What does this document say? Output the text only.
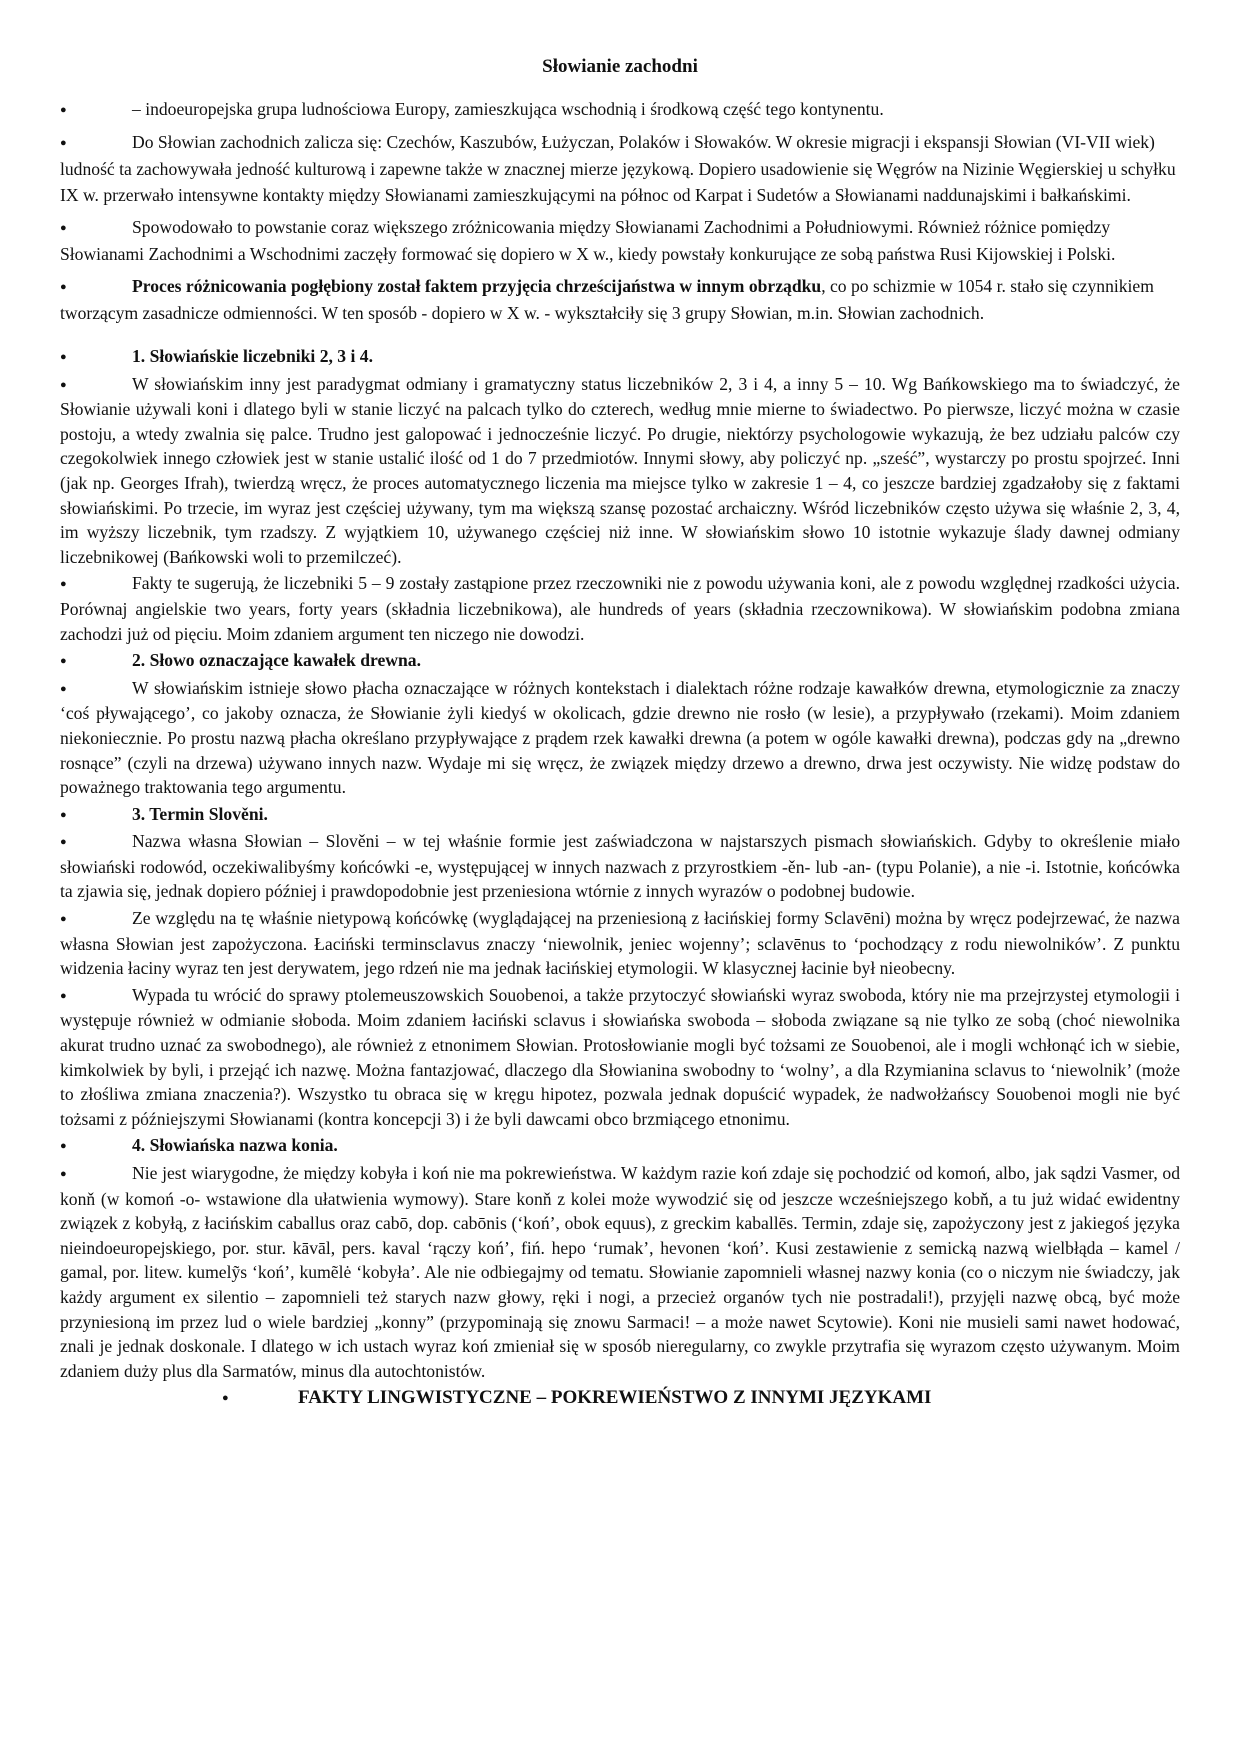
Słowianie zachodni

●– indoeuropejska grupa ludnościowa Europy, zamieszkująca wschodnią i środkową część tego kontynentu.

●Do Słowian zachodnich zalicza się: Czechów, Kaszubów, Łużyczan, Polaków i Słowaków. W okresie migracji i ekspansji Słowian (VI-VII wiek) ludność ta zachowywała jedność kulturową i zapewne także w znacznej mierze językową. Dopiero usadowienie się Węgrów na Nizinie Węgierskiej u schyłku IX w. przerwało intensywne kontakty między Słowianami zamieszkującymi na północ od Karpat i Sudetów a Słowianami naddunajskimi i bałkańskimi.

●Spowodowało to powstanie coraz większego zróżnicowania między Słowianami Zachodnimi a Południowymi. Również różnice pomiędzy Słowianami Zachodnimi a Wschodnimi zaczęły formować się dopiero w X w., kiedy powstały konkurujące ze sobą państwa Rusi Kijowskiej i Polski.

●Proces różnicowania pogłębiony został faktem przyjęcia chrześcijaństwa w innym obrządku, co po schizmie w 1054 r. stało się czynnikiem tworzącym zasadnicze odmienności. W ten sposób - dopiero w X w. - wykształciły się 3 grupy Słowian, m.in. Słowian zachodnich.

●1. Słowiańskie liczebniki 2, 3 i 4.

●W słowiańskim inny jest paradygmat odmiany i gramatyczny status liczebników 2, 3 i 4, a inny 5 – 10. Wg Bańkowskiego ma to świadczyć, że Słowianie używali koni i dlatego byli w stanie liczyć na palcach tylko do czterech, według mnie mierne to świadectwo. Po pierwsze, liczyć można w czasie postoju, a wtedy zwalnia się palce. Trudno jest galopować i jednocześnie liczyć. Po drugie, niektórzy psychologowie wykazują, że bez udziału palców czy czegokolwiek innego człowiek jest w stanie ustalić ilość od 1 do 7 przedmiotów. Innymi słowy, aby policzyć np. „sześć”, wystarczy po prostu spojrzeć. Inni (jak np. Georges Ifrah), twierdzą wręcz, że proces automatycznego liczenia ma miejsce tylko w zakresie 1 – 4, co jeszcze bardziej zgadzałoby się z faktami słowiańskimi. Po trzecie, im wyraz jest częściej używany, tym ma większą szansę pozostać archaiczny. Wśród liczebników często używa się właśnie 2, 3, 4, im wyższy liczebnik, tym rzadszy. Z wyjątkiem 10, używanego częściej niż inne. W słowiańskim słowo 10 istotnie wykazuje ślady dawnej odmiany liczebnikowej (Bańkowski woli to przemilczeć).

●Fakty te sugerują, że liczebniki 5 – 9 zostały zastąpione przez rzeczowniki nie z powodu używania koni, ale z powodu względnej rzadkości użycia. Porównaj angielskie two years, forty years (składnia liczebnikowa), ale hundreds of years (składnia rzeczownikowa). W słowiańskim podobna zmiana zachodzi już od pięciu. Moim zdaniem argument ten niczego nie dowodzi.

●2. Słowo oznaczające kawałek drewna.

●W słowiańskim istnieje słowo płacha oznaczające w różnych kontekstach i dialektach różne rodzaje kawałków drewna, etymologicznie za znaczy ‘coś pływającego’, co jakoby oznacza, że Słowianie żyli kiedyś w okolicach, gdzie drewno nie rosło (w lesie), a przypływało (rzekami). Moim zdaniem niekoniecznie. Po prostu nazwą płacha określano przypływające z prądem rzek kawałki drewna (a potem w ogóle kawałki drewna), podczas gdy na „drewno rosnące” (czyli na drzewa) używano innych nazw. Wydaje mi się wręcz, że związek między drzewo a drewno, drwa jest oczywisty. Nie widzę podstaw do poważnego traktowania tego argumentu.

●3. Termin Slověni.

●Nazwa własna Słowian – Slověni – w tej właśnie formie jest zaświadczona w najstarszych pismach słowiańskich. Gdyby to określenie miało słowiański rodowód, oczekiwalibyśmy końcówki -e, występującej w innych nazwach z przyrostkiem -ěn- lub -an- (typu Polanie), a nie -i. Istotnie, końcówka ta zjawia się, jednak dopiero później i prawdopodobnie jest przeniesiona wtórnie z innych wyrazów o podobnej budowie.

●Ze względu na tę właśnie nietypową końcówkę (wyglądającej na przeniesioną z łacińskiej formy Sclavēni) można by wręcz podejrzewać, że nazwa własna Słowian jest zapożyczona. Łaciński terminsclavus znaczy ‘niewolnik, jeniec wojenny’; sclavēnus to ‘pochodzący z rodu niewolników’. Z punktu widzenia łaciny wyraz ten jest derywatem, jego rdzeń nie ma jednak łacińskiej etymologii. W klasycznej łacinie był nieobecny.

●Wypada tu wrócić do sprawy ptolemeuszowskich Souobenoi, a także przytoczyć słowiański wyraz swoboda, który nie ma przejrzystej etymologii i występuje również w odmianie słoboda. Moim zdaniem łaciński sclavus i słowiańska swoboda – słoboda związane są nie tylko ze sobą (choć niewolnika akurat trudno uznać za swobodnego), ale również z etnonimem Słowian. Protosłowianie mogli być tożsami ze Souobenoi, ale i mogli wchłonąć ich w siebie, kimkolwiek by byli, i przejąć ich nazwę. Można fantazjować, dlaczego dla Słowianina swobodny to ‘wolny’, a dla Rzymianina sclavus to ‘niewolnik’ (może to złośliwa zmiana znaczenia?). Wszystko tu obraca się w kręgu hipotez, pozwala jednak dopuścić wypadek, że nadwołżańscy Souobenoi mogli nie być tożsami z późniejszymi Słowianami (kontra koncepcji 3) i że byli dawcami obco brzmiącego etnonimu.

●4. Słowiańska nazwa konia.

●Nie jest wiarygodne, że między kobyła i koń nie ma pokrewieństwa. W każdym razie koń zdaje się pochodzić od komoń, albo, jak sądzi Vasmer, od konň (w komoń -o- wstawione dla ułatwienia wymowy). Stare konň z kolei może wywodzić się od jeszcze wcześniejszego kobň, a tu już widać ewidentny związek z kobyłą, z łacińskim caballus oraz cabō, dop. cabōnis (‘koń’, obok equus), z greckim kaballēs. Termin, zdaje się, zapożyczony jest z jakiegoś języka nieindoeuropejskiego, por. stur. kāvāl, pers. kaval ‘rączy koń’, fiń. hepo ‘rumak’, hevonen ‘koń’. Kusi zestawienie z semicką nazwą wielbłąda – kamel / gamal, por. litew. kumelỹs ‘koń’, kumẽlė ‘kobyła’. Ale nie odbiegajmy od tematu. Słowianie zapomnieli własnej nazwy konia (co o niczym nie świadczy, jak każdy argument ex silentio – zapomnieli też starych nazw głowy, ręki i nogi, a przecież organów tych nie postradali!), przyjęli nazwę obcą, być może przyniesioną im przez lud o wiele bardziej „konny” (przypominają się znowu Sarmaci! – a może nawet Scytowie). Koni nie musieli sami nawet hodować, znali je jednak doskonale. I dlatego w ich ustach wyraz koń zmieniał się w sposób nieregularny, co zwykle przytrafia się wyrazom często używanym. Moim zdaniem duży plus dla Sarmatów, minus dla autochtonistów.

●FAKTY LINGWISTYCZNE – POKREWIEŃSTWO Z INNYMI JĘZYKAMI
